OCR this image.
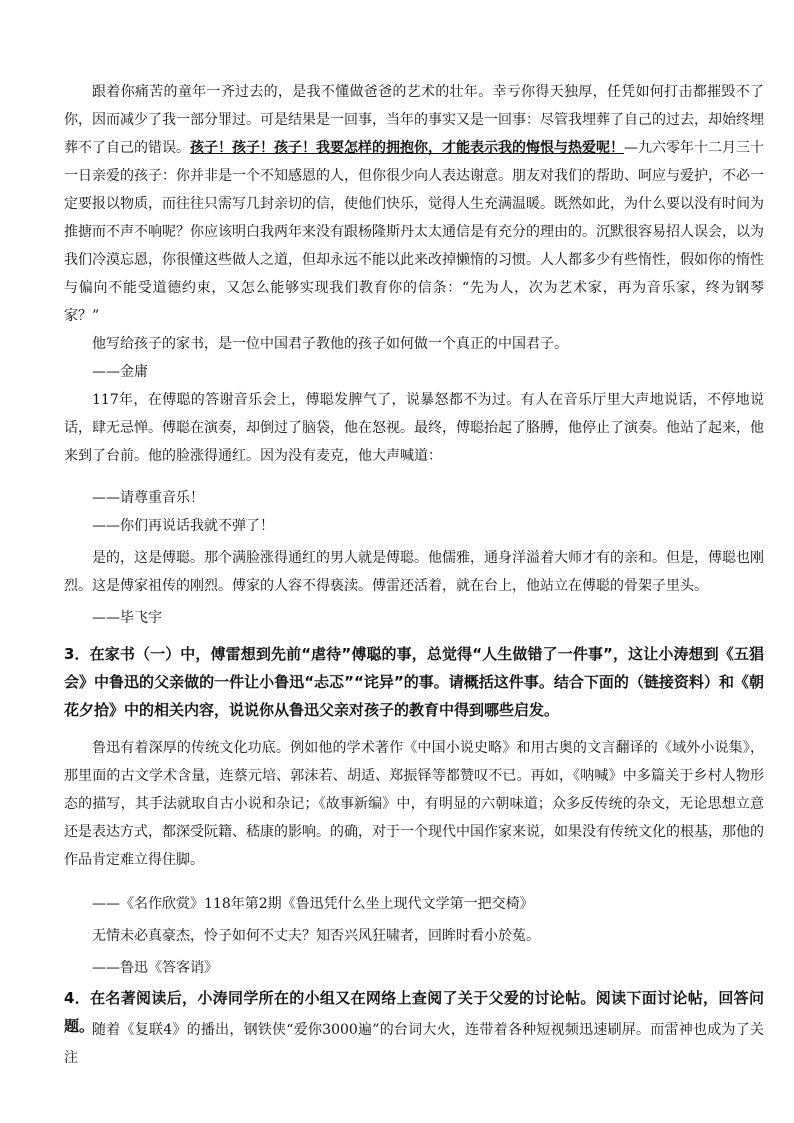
跟着你痛苦的童年一齐过去的，是我不懂做爸爸的艺术的壮年。幸亏你得天独厚，任凭如何打击都摧毁不了你，因而减少了我一部分罪过。可是结果是一回事，当年的事实又是一回事：尽管我埋葬了自己的过去，却始终埋葬不了自己的错误。孩子！孩子！孩子！我要怎样的拥抱你，才能表示我的悔恨与热爱呢！—九六零年十二月三十一日 亲爱的孩子：你并非是一个不知感恩的人，但你很少向人表达谢意。朋友对我们的帮助、呵应与爱护，不必一定要报以物质，而往往只需写几封亲切的信，使他们快乐，觉得人生充满温暖。既然如此，为什么要以没有时间为推搪而不声不响呢？你应该明白我两年来没有跟杨隆斯丹太太通信是有充分的理由的。沉默很容易招人误会，以为我们冷漠忘恩，你很懂这些做人之道，但却永远不能以此来改掉懒惰的习惯。人人都多少有些惰性，假如你的惰性与偏向不能受道德约束，又怎么能够实现我们教育你的信条：“先为人，次为艺术家，再为音乐家，终为钢琴家？”

他写给孩子的家书，是一位中国君子教他的孩子如何做一个真正的中国君子。

——金庸

117年，在傅聪的答谢音乐会上，傅聪发脾气了，说暴怒都不为过。有人在音乐厅里大声地说话，不停地说话，肆无忌惮。傅聪在演奏，却倒过了脑袋，他在怒视。最终，傅聪抬起了胳膊，他停止了演奏。他站了起来，他来到了台前。他的脸涨得通红。因为没有麦克，他大声喊道：

——请尊重音乐！

——你们再说话我就不弹了！

是的，这是傅聪。那个满脸涨得通红的男人就是傅聪。他儒雅，通身洋溢着大师才有的亲和。但是，傅聪也刚烈。这是傅家祖传的刚烈。傅家的人容不得亵渎。傅雷还活着，就在台上，他站立在傅聪的骨架子里头。

——毕飞宇

3．在家书（一）中，傅雷想到先前“虐待”傅聪的事，总觉得“人生做错了一件事”，这让小涛想到《五猖会》中鲁迅的父亲做的一件让小鲁迅“忐忑”“诧异”的事。请概括这件事。结合下面的（链接资料）和《朝花夕拾》中的相关内容，说说你从鲁迅父亲对孩子的教育中得到哪些启发。

鲁迅有着深厚的传统文化功底。例如他的学术著作《中国小说史略》和用古奥的文言翻译的《域外小说集》，那里面的古文学术含量，连蔡元培、郭沫若、胡适、郑振铎等都赞叹不已。再如，《呐喊》中多篇关于乡村人物形态的描写，其手法就取自古小说和杂记；《故事新编》中，有明显的六朝味道；众多反传统的杂文，无论思想立意还是表达方式，都深受阮籍、嵇康的影响。的确，对于一个现代中国作家来说，如果没有传统文化的根基，那他的作品肯定难立得住脚。

——《名作欣赏》118年第2期《鲁迅凭什么坐上现代文学第一把交椅》

无情未必真豪杰，怜子如何不丈夫？知否兴风狂啸者，回眸时看小於菟。

——鲁迅《答客诮》

4．在名著阅读后，小涛同学所在的小组又在网络上查阅了关于父爱的讨论帖。阅读下面讨论帖，回答问题。

随着《复联4》的播出，钢铁侠“爱你3000遍”的台词大火，连带着各种短视频迅速刷屏。而雷神也成为了关注
